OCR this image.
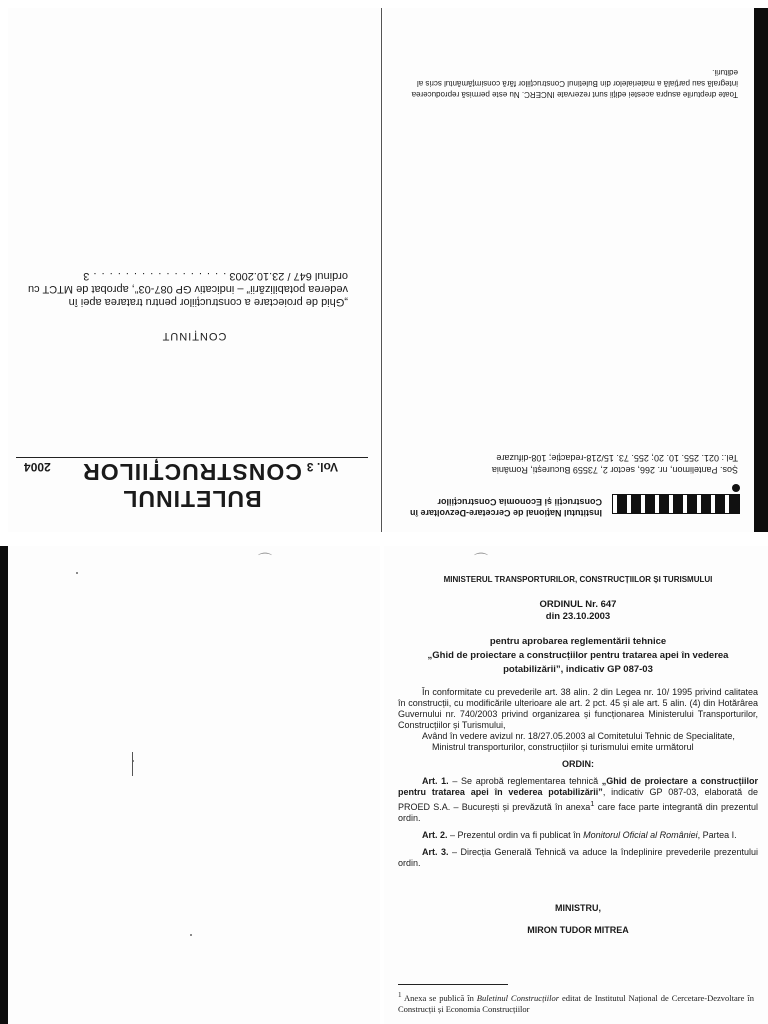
BULETINUL CONSTRUCȚIILOR Vol. 3
2004
CONȚINUT
„Ghid de proiectare a construcțiilor pentru tratarea apei în vederea potabilizării” – indicativ GP 087-03”, aprobat de MTCT cu ordinul 647 / 23.10.2003 . . . . . . . . . . . . . . . . . 3
Institutul Național de Cercetare-Dezvoltare în Construcții și Economia Construcțiilor
Șos. Pantelimon, nr. 266, sector 2, 73559 București, România
Tel.: 021. 255. 10. 20; 255. 73. 15/218-redacție; 108-difuzare
Toate drepturile asupra acestei ediții sunt rezervate INCERC. Nu este permisă reproducerea integrală sau parțială a materialelor din Buletinul Construcțiilor fără consimțământul scris al editurii.
⌒	⌒
MINISTERUL TRANSPORTURILOR, CONSTRUCȚIILOR ȘI TURISMULUI
ORDINUL Nr. 647
din 23.10.2003
pentru aprobarea reglementării tehnice
„Ghid de proiectare a construcțiilor pentru tratarea apei în vederea potabilizării”, indicativ GP 087-03

În conformitate cu prevederile art. 38 alin. 2 din Legea nr. 10/ 1995 privind calitatea în construcții, cu modificările ulterioare ale art. 2 pct. 45 și ale art. 5 alin. (4) din Hotărârea Guvernului nr. 740/2003 privind organizarea și funcționarea Ministerului Transporturilor, Construcțiilor și Turismului,

Având în vedere avizul nr. 18/27.05.2003 al Comitetului Tehnic de Specialitate,

Ministrul transporturilor, construcțiilor și turismului emite următorul

ORDIN:

Art. 1. – Se aprobă reglementarea tehnică „Ghid de proiectare a construcțiilor pentru tratarea apei în vederea potabilizării”, indicativ GP 087-03, elaborată de PROED S.A. – București și prevăzută în anexa$^1$ care face parte integrantă din prezentul ordin.

Art. 2. – Prezentul ordin va fi publicat în Monitorul Oficial al României, Partea I.

Art. 3. – Direcția Generală Tehnică va aduce la îndeplinire prevederile prezentului ordin.

MINISTRU,
MIRON TUDOR MITREA
$^1$ Anexa se publică în Buletinul Construcțiilor editat de Institutul Național de Cercetare-Dezvoltare în Construcții și Economia Construcțiilor
